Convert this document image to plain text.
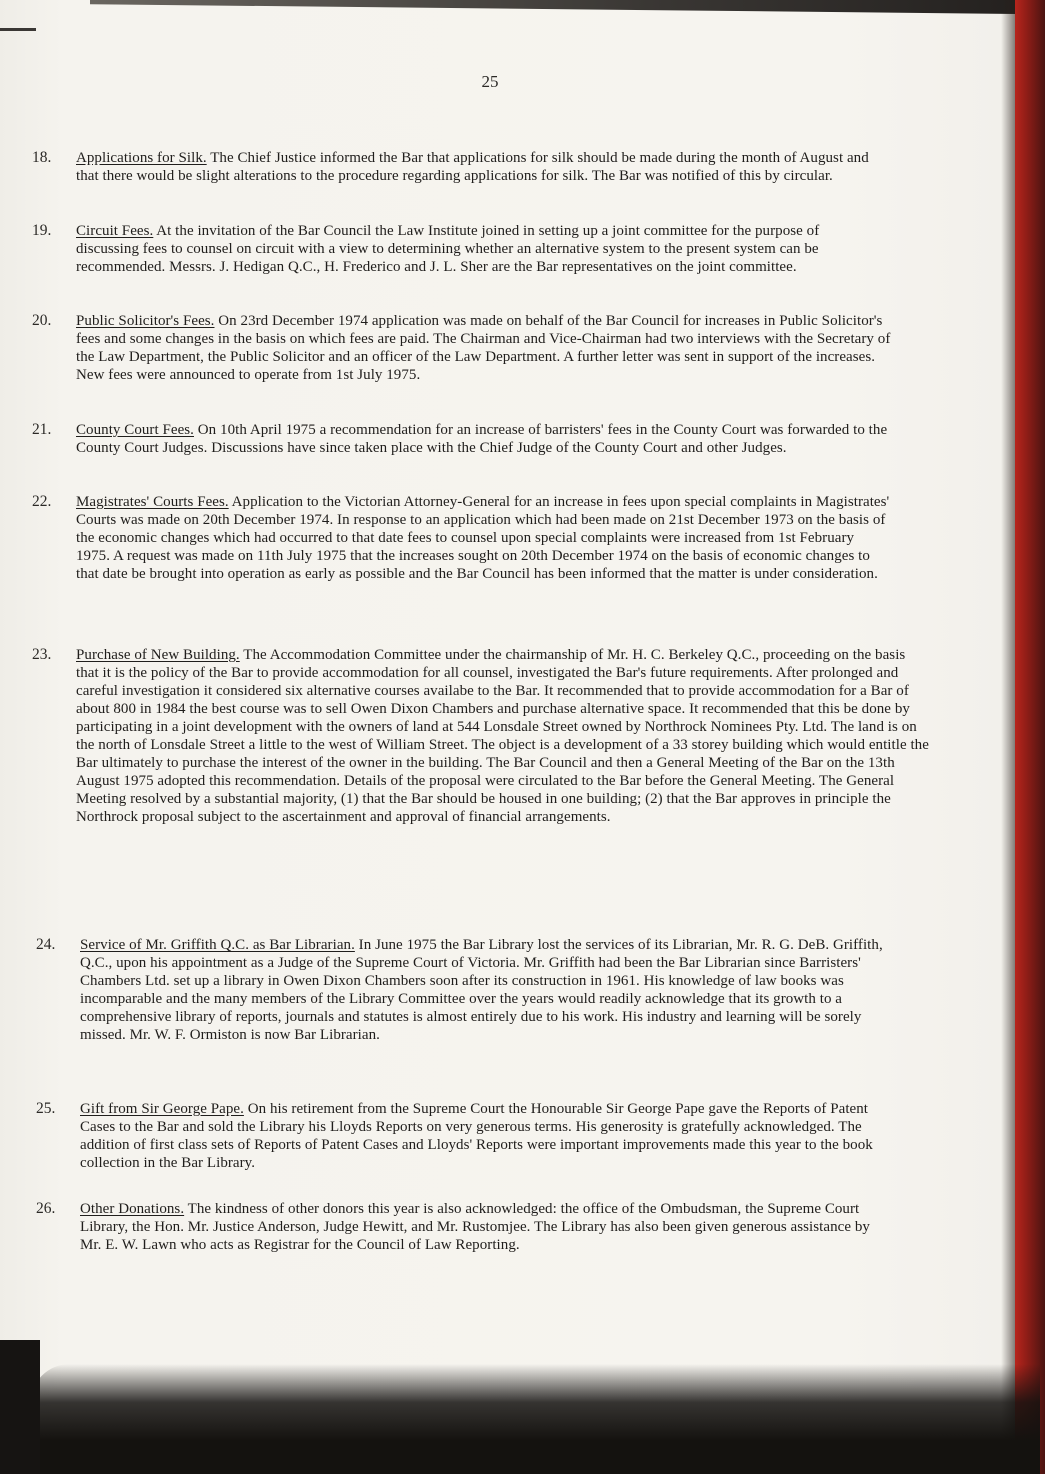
25
18. Applications for Silk. The Chief Justice informed the Bar that applications for silk should be made during the month of August and that there would be slight alterations to the procedure regarding applications for silk. The Bar was notified of this by circular.
19. Circuit Fees. At the invitation of the Bar Council the Law Institute joined in setting up a joint committee for the purpose of discussing fees to counsel on circuit with a view to determining whether an alternative system to the present system can be recommended. Messrs. J. Hedigan Q.C., H. Frederico and J. L. Sher are the Bar representatives on the joint committee.
20. Public Solicitor's Fees. On 23rd December 1974 application was made on behalf of the Bar Council for increases in Public Solicitor's fees and some changes in the basis on which fees are paid. The Chairman and Vice-Chairman had two interviews with the Secretary of the Law Department, the Public Solicitor and an officer of the Law Department. A further letter was sent in support of the increases. New fees were announced to operate from 1st July 1975.
21. County Court Fees. On 10th April 1975 a recommendation for an increase of barristers' fees in the County Court was forwarded to the County Court Judges. Discussions have since taken place with the Chief Judge of the County Court and other Judges.
22. Magistrates' Courts Fees. Application to the Victorian Attorney-General for an increase in fees upon special complaints in Magistrates' Courts was made on 20th December 1974. In response to an application which had been made on 21st December 1973 on the basis of the economic changes which had occurred to that date fees to counsel upon special complaints were increased from 1st February 1975. A request was made on 11th July 1975 that the increases sought on 20th December 1974 on the basis of economic changes to that date be brought into operation as early as possible and the Bar Council has been informed that the matter is under consideration.
23. Purchase of New Building. The Accommodation Committee under the chairmanship of Mr. H. C. Berkeley Q.C., proceeding on the basis that it is the policy of the Bar to provide accommodation for all counsel, investigated the Bar's future requirements. After prolonged and careful investigation it considered six alternative courses availabe to the Bar. It recommended that to provide accommodation for a Bar of about 800 in 1984 the best course was to sell Owen Dixon Chambers and purchase alternative space. It recommended that this be done by participating in a joint development with the owners of land at 544 Lonsdale Street owned by Northrock Nominees Pty. Ltd. The land is on the north of Lonsdale Street a little to the west of William Street. The object is a development of a 33 storey building which would entitle the Bar ultimately to purchase the interest of the owner in the building. The Bar Council and then a General Meeting of the Bar on the 13th August 1975 adopted this recommendation. Details of the proposal were circulated to the Bar before the General Meeting. The General Meeting resolved by a substantial majority, (1) that the Bar should be housed in one building; (2) that the Bar approves in principle the Northrock proposal subject to the ascertainment and approval of financial arrangements.
24. Service of Mr. Griffith Q.C. as Bar Librarian. In June 1975 the Bar Library lost the services of its Librarian, Mr. R. G. DeB. Griffith, Q.C., upon his appointment as a Judge of the Supreme Court of Victoria. Mr. Griffith had been the Bar Librarian since Barristers' Chambers Ltd. set up a library in Owen Dixon Chambers soon after its construction in 1961. His knowledge of law books was incomparable and the many members of the Library Committee over the years would readily acknowledge that its growth to a comprehensive library of reports, journals and statutes is almost entirely due to his work. His industry and learning will be sorely missed. Mr. W. F. Ormiston is now Bar Librarian.
25. Gift from Sir George Pape. On his retirement from the Supreme Court the Honourable Sir George Pape gave the Reports of Patent Cases to the Bar and sold the Library his Lloyds Reports on very generous terms. His generosity is gratefully acknowledged. The addition of first class sets of Reports of Patent Cases and Lloyds' Reports were important improvements made this year to the book collection in the Bar Library.
26. Other Donations. The kindness of other donors this year is also acknowledged: the office of the Ombudsman, the Supreme Court Library, the Hon. Mr. Justice Anderson, Judge Hewitt, and Mr. Rustomjee. The Library has also been given generous assistance by Mr. E. W. Lawn who acts as Registrar for the Council of Law Reporting.
